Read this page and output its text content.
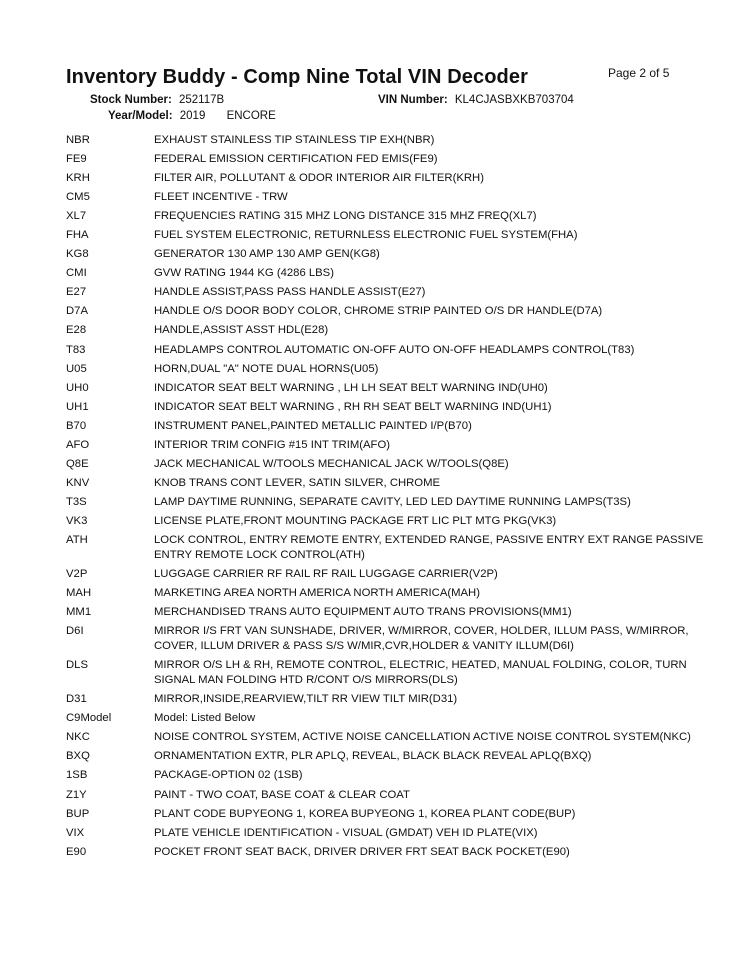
Inventory Buddy - Comp Nine Total VIN Decoder	Page 2 of 5
Stock Number: 252117B	VIN Number: KL4CJASBXKB703704
Year/Model: 2019 ENCORE
NBR	EXHAUST STAINLESS TIP STAINLESS TIP EXH(NBR)
FE9	FEDERAL EMISSION CERTIFICATION FED EMIS(FE9)
KRH	FILTER AIR, POLLUTANT & ODOR INTERIOR AIR FILTER(KRH)
CM5	FLEET INCENTIVE - TRW
XL7	FREQUENCIES RATING 315 MHZ LONG DISTANCE 315 MHZ FREQ(XL7)
FHA	FUEL SYSTEM ELECTRONIC, RETURNLESS ELECTRONIC FUEL SYSTEM(FHA)
KG8	GENERATOR 130 AMP 130 AMP GEN(KG8)
CMI	GVW RATING 1944 KG (4286 LBS)
E27	HANDLE ASSIST,PASS PASS HANDLE ASSIST(E27)
D7A	HANDLE O/S DOOR BODY COLOR, CHROME STRIP PAINTED O/S DR HANDLE(D7A)
E28	HANDLE,ASSIST ASST HDL(E28)
T83	HEADLAMPS CONTROL AUTOMATIC ON-OFF AUTO ON-OFF HEADLAMPS CONTROL(T83)
U05	HORN,DUAL "A" NOTE DUAL HORNS(U05)
UH0	INDICATOR SEAT BELT WARNING , LH LH SEAT BELT WARNING IND(UH0)
UH1	INDICATOR SEAT BELT WARNING , RH RH SEAT BELT WARNING IND(UH1)
B70	INSTRUMENT PANEL,PAINTED METALLIC PAINTED I/P(B70)
AFO	INTERIOR TRIM CONFIG #15 INT TRIM(AFO)
Q8E	JACK MECHANICAL W/TOOLS MECHANICAL JACK W/TOOLS(Q8E)
KNV	KNOB TRANS CONT LEVER, SATIN SILVER, CHROME
T3S	LAMP DAYTIME RUNNING, SEPARATE CAVITY, LED LED DAYTIME RUNNING LAMPS(T3S)
VK3	LICENSE PLATE,FRONT MOUNTING PACKAGE FRT LIC PLT MTG PKG(VK3)
ATH	LOCK CONTROL, ENTRY REMOTE ENTRY, EXTENDED RANGE, PASSIVE ENTRY EXT RANGE PASSIVE ENTRY REMOTE LOCK CONTROL(ATH)
V2P	LUGGAGE CARRIER RF RAIL RF RAIL LUGGAGE CARRIER(V2P)
MAH	MARKETING AREA NORTH AMERICA NORTH AMERICA(MAH)
MM1	MERCHANDISED TRANS AUTO EQUIPMENT AUTO TRANS PROVISIONS(MM1)
D6I	MIRROR I/S FRT VAN SUNSHADE, DRIVER, W/MIRROR, COVER, HOLDER, ILLUM PASS, W/MIRROR, COVER, ILLUM DRIVER & PASS S/S W/MIR,CVR,HOLDER & VANITY ILLUM(D6I)
DLS	MIRROR O/S LH & RH, REMOTE CONTROL, ELECTRIC, HEATED, MANUAL FOLDING, COLOR, TURN SIGNAL MAN FOLDING HTD R/CONT O/S MIRRORS(DLS)
D31	MIRROR,INSIDE,REARVIEW,TILT RR VIEW TILT MIR(D31)
C9Model	Model: Listed Below
NKC	NOISE CONTROL SYSTEM, ACTIVE NOISE CANCELLATION ACTIVE NOISE CONTROL SYSTEM(NKC)
BXQ	ORNAMENTATION EXTR, PLR APLQ, REVEAL, BLACK BLACK REVEAL APLQ(BXQ)
1SB	PACKAGE-OPTION 02 (1SB)
Z1Y	PAINT - TWO COAT, BASE COAT & CLEAR COAT
BUP	PLANT CODE BUPYEONG 1, KOREA BUPYEONG 1, KOREA PLANT CODE(BUP)
VIX	PLATE VEHICLE IDENTIFICATION - VISUAL (GMDAT) VEH ID PLATE(VIX)
E90	POCKET FRONT SEAT BACK, DRIVER DRIVER FRT SEAT BACK POCKET(E90)
